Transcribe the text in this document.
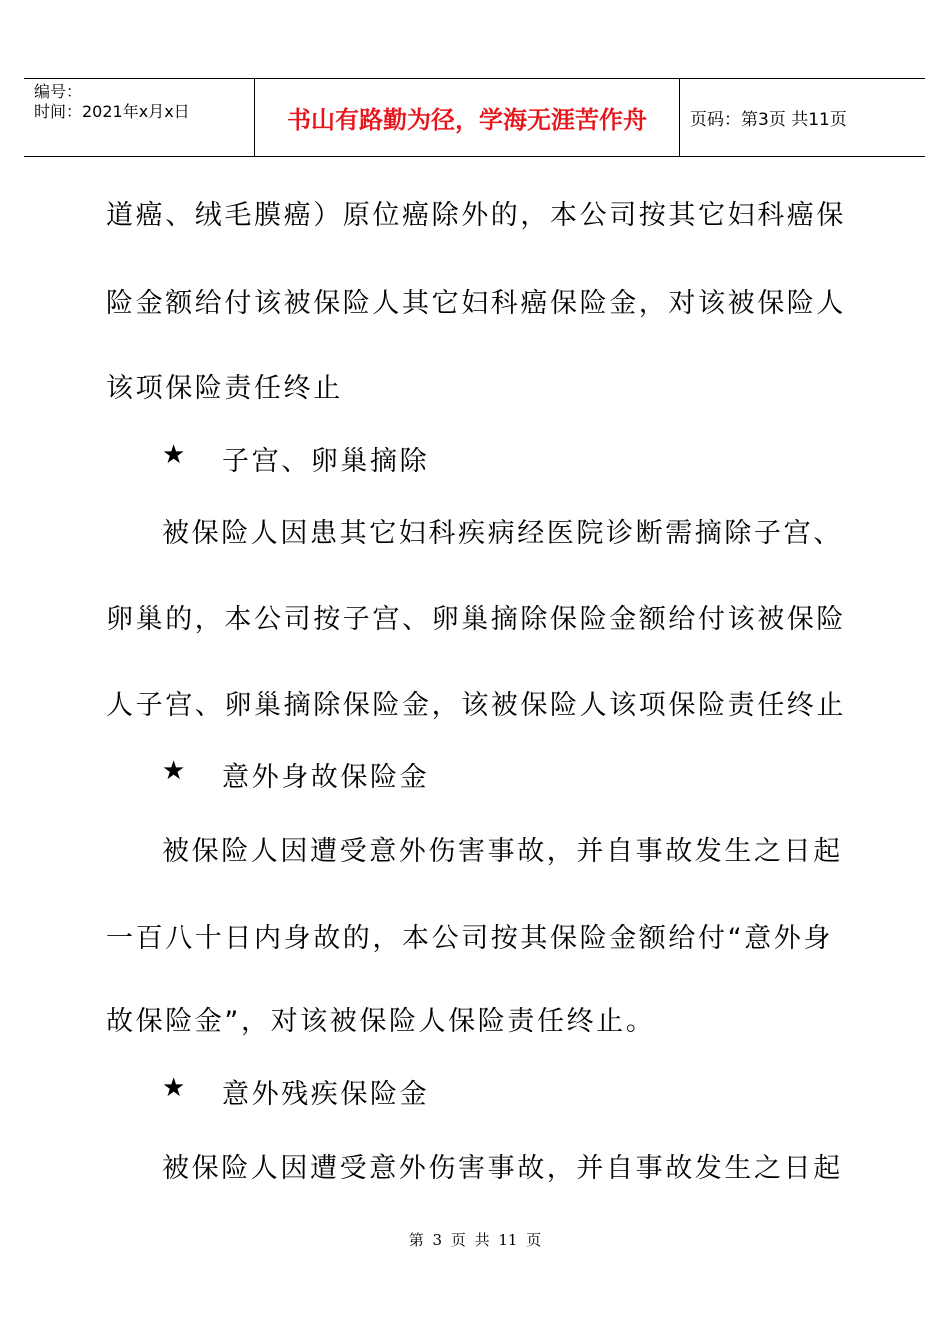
编号：
时间：2021年x月x日	书山有路勤为径，学海无涯苦作舟	页码：第3页 共11页
道癌、绒毛膜癌）原位癌除外的，本公司按其它妇科癌保
险金额给付该被保险人其它妇科癌保险金，对该被保险人
该项保险责任终止
★ 子宫、卵巢摘除
被保险人因患其它妇科疾病经医院诊断需摘除子宫、
卵巢的，本公司按子宫、卵巢摘除保险金额给付该被保险
人子宫、卵巢摘除保险金，该被保险人该项保险责任终止
★ 意外身故保险金
被保险人因遭受意外伤害事故，并自事故发生之日起
一百八十日内身故的，本公司按其保险金额给付“意外身
故保险金”，对该被保险人保险责任终止。
★ 意外残疾保险金
被保险人因遭受意外伤害事故，并自事故发生之日起
第 3 页 共 11 页
